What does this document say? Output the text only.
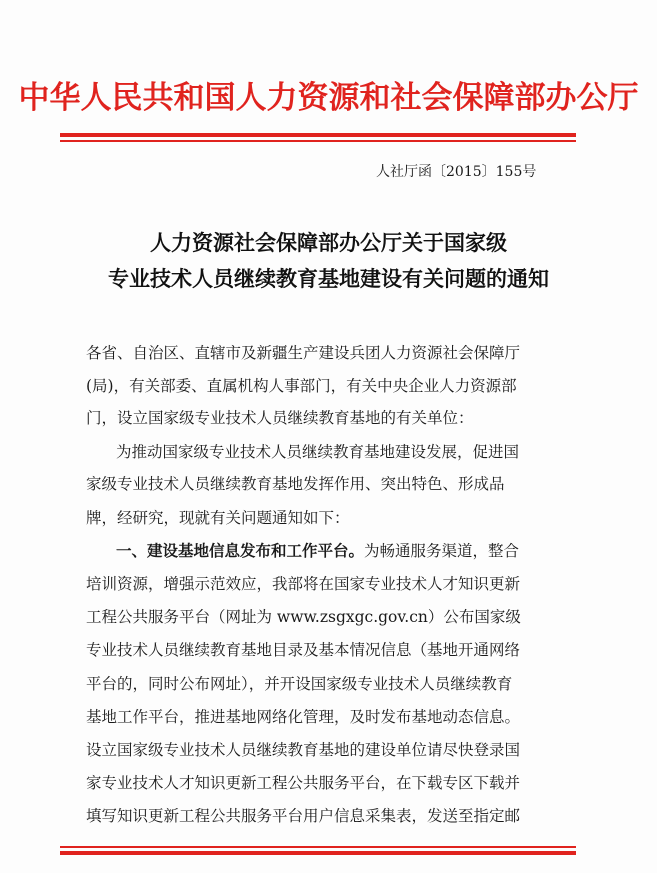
中华人民共和国人力资源和社会保障部办公厅
人社厅函〔2015〕155号
人力资源社会保障部办公厅关于国家级
专业技术人员继续教育基地建设有关问题的通知
各省、自治区、直辖市及新疆生产建设兵团人力资源社会保障厅
(局)，有关部委、直属机构人事部门，有关中央企业人力资源部
门，设立国家级专业技术人员继续教育基地的有关单位：
为推动国家级专业技术人员继续教育基地建设发展，促进国
家级专业技术人员继续教育基地发挥作用、突出特色、形成品
牌，经研究，现就有关问题通知如下：
一、建设基地信息发布和工作平台。为畅通服务渠道，整合
培训资源，增强示范效应，我部将在国家专业技术人才知识更新
工程公共服务平台（网址为 www.zsgxgc.gov.cn）公布国家级
专业技术人员继续教育基地目录及基本情况信息（基地开通网络
平台的，同时公布网址），并开设国家级专业技术人员继续教育
基地工作平台，推进基地网络化管理，及时发布基地动态信息。
设立国家级专业技术人员继续教育基地的建设单位请尽快登录国
家专业技术人才知识更新工程公共服务平台，在下载专区下载并
填写知识更新工程公共服务平台用户信息采集表，发送至指定邮
